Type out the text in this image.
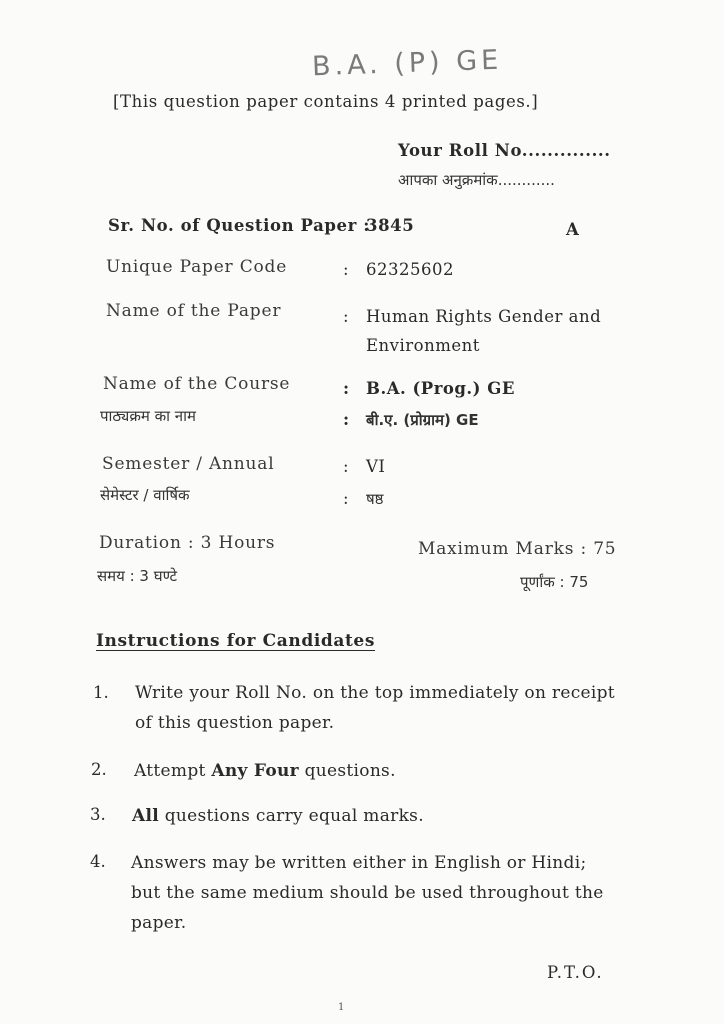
B.A. (P) GE
[This question paper contains 4 printed pages.]
Your Roll No..............
आपका अनुक्रमांक............
Sr. No. of Question Paper :
3845	A
Unique Paper Code	: 62325602
Name of the Paper	: Human Rights Gender and
Environment
Name of the Course	: B.A. (Prog.) GE
पाठ्यक्रम का नाम	: बी.ए. (प्रोग्राम) GE
Semester / Annual	: VI
सेमेस्टर / वार्षिक	: षष्ठ
Duration : 3 Hours
समय : 3 घण्टे
Maximum Marks : 75
पूर्णांक : 75
Instructions for Candidates
1. Write your Roll No. on the top immediately on receipt of this question paper.
2. Attempt Any Four questions.
3. All questions carry equal marks.
4. Answers may be written either in English or Hindi; but the same medium should be used throughout the paper.
P.T.O.
1
